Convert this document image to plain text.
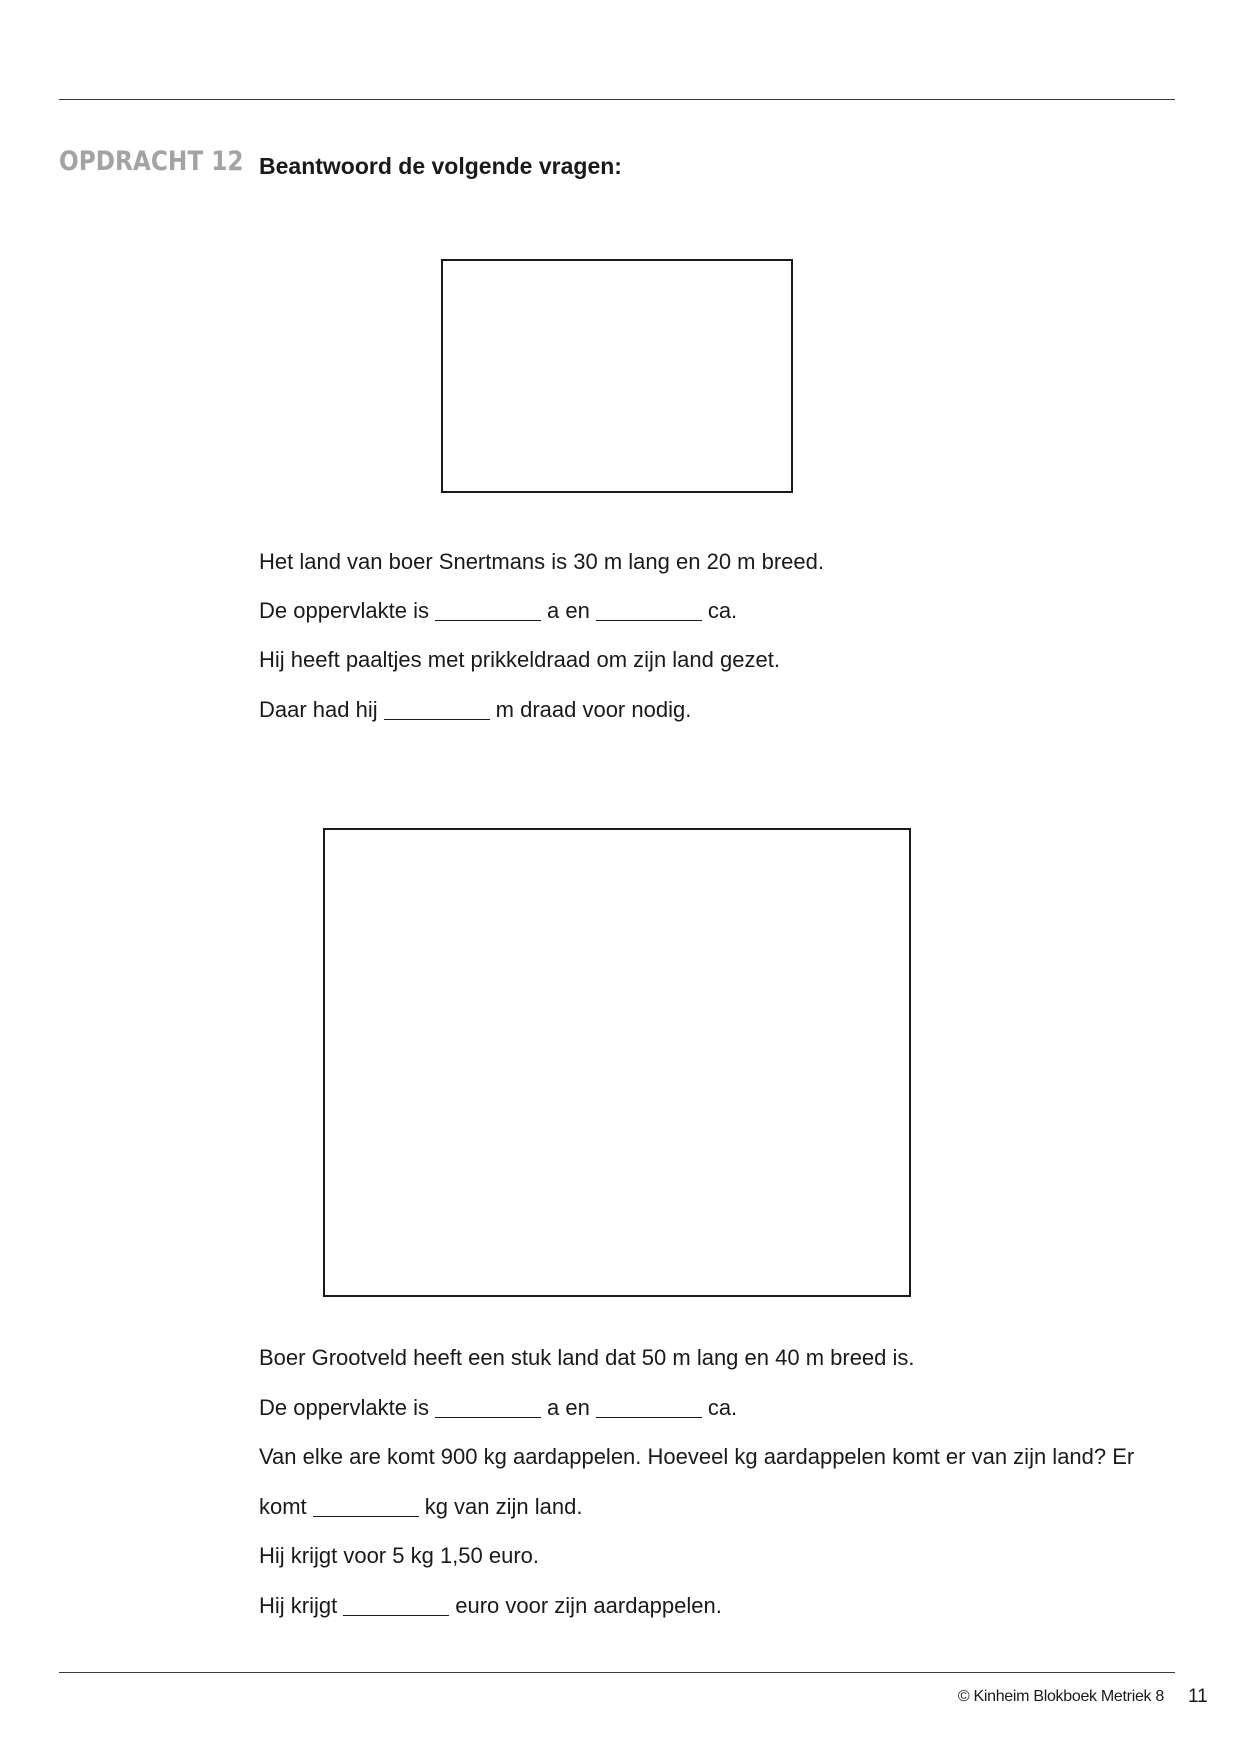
OPDRACHT 12 Beantwoord de volgende vragen:
Het land van boer Snertmans is 30 m lang en 20 m breed.
De oppervlakte is	a en	ca.
Hij heeft paaltjes met prikkeldraad om zijn land gezet.
Daar had hij	m draad voor nodig.
Boer Grootveld heeft een stuk land dat 50 m lang en 40 m breed is.
De oppervlakte is	a en	ca.
Van elke are komt 900 kg aardappelen. Hoeveel kg aardappelen komt er van zijn land? Er
komt	kg van zijn land.
Hij krijgt voor 5 kg 1,50 euro.
Hij krijgt	euro voor zijn aardappelen.
© Kinheim Blokboek Metriek 8 11
